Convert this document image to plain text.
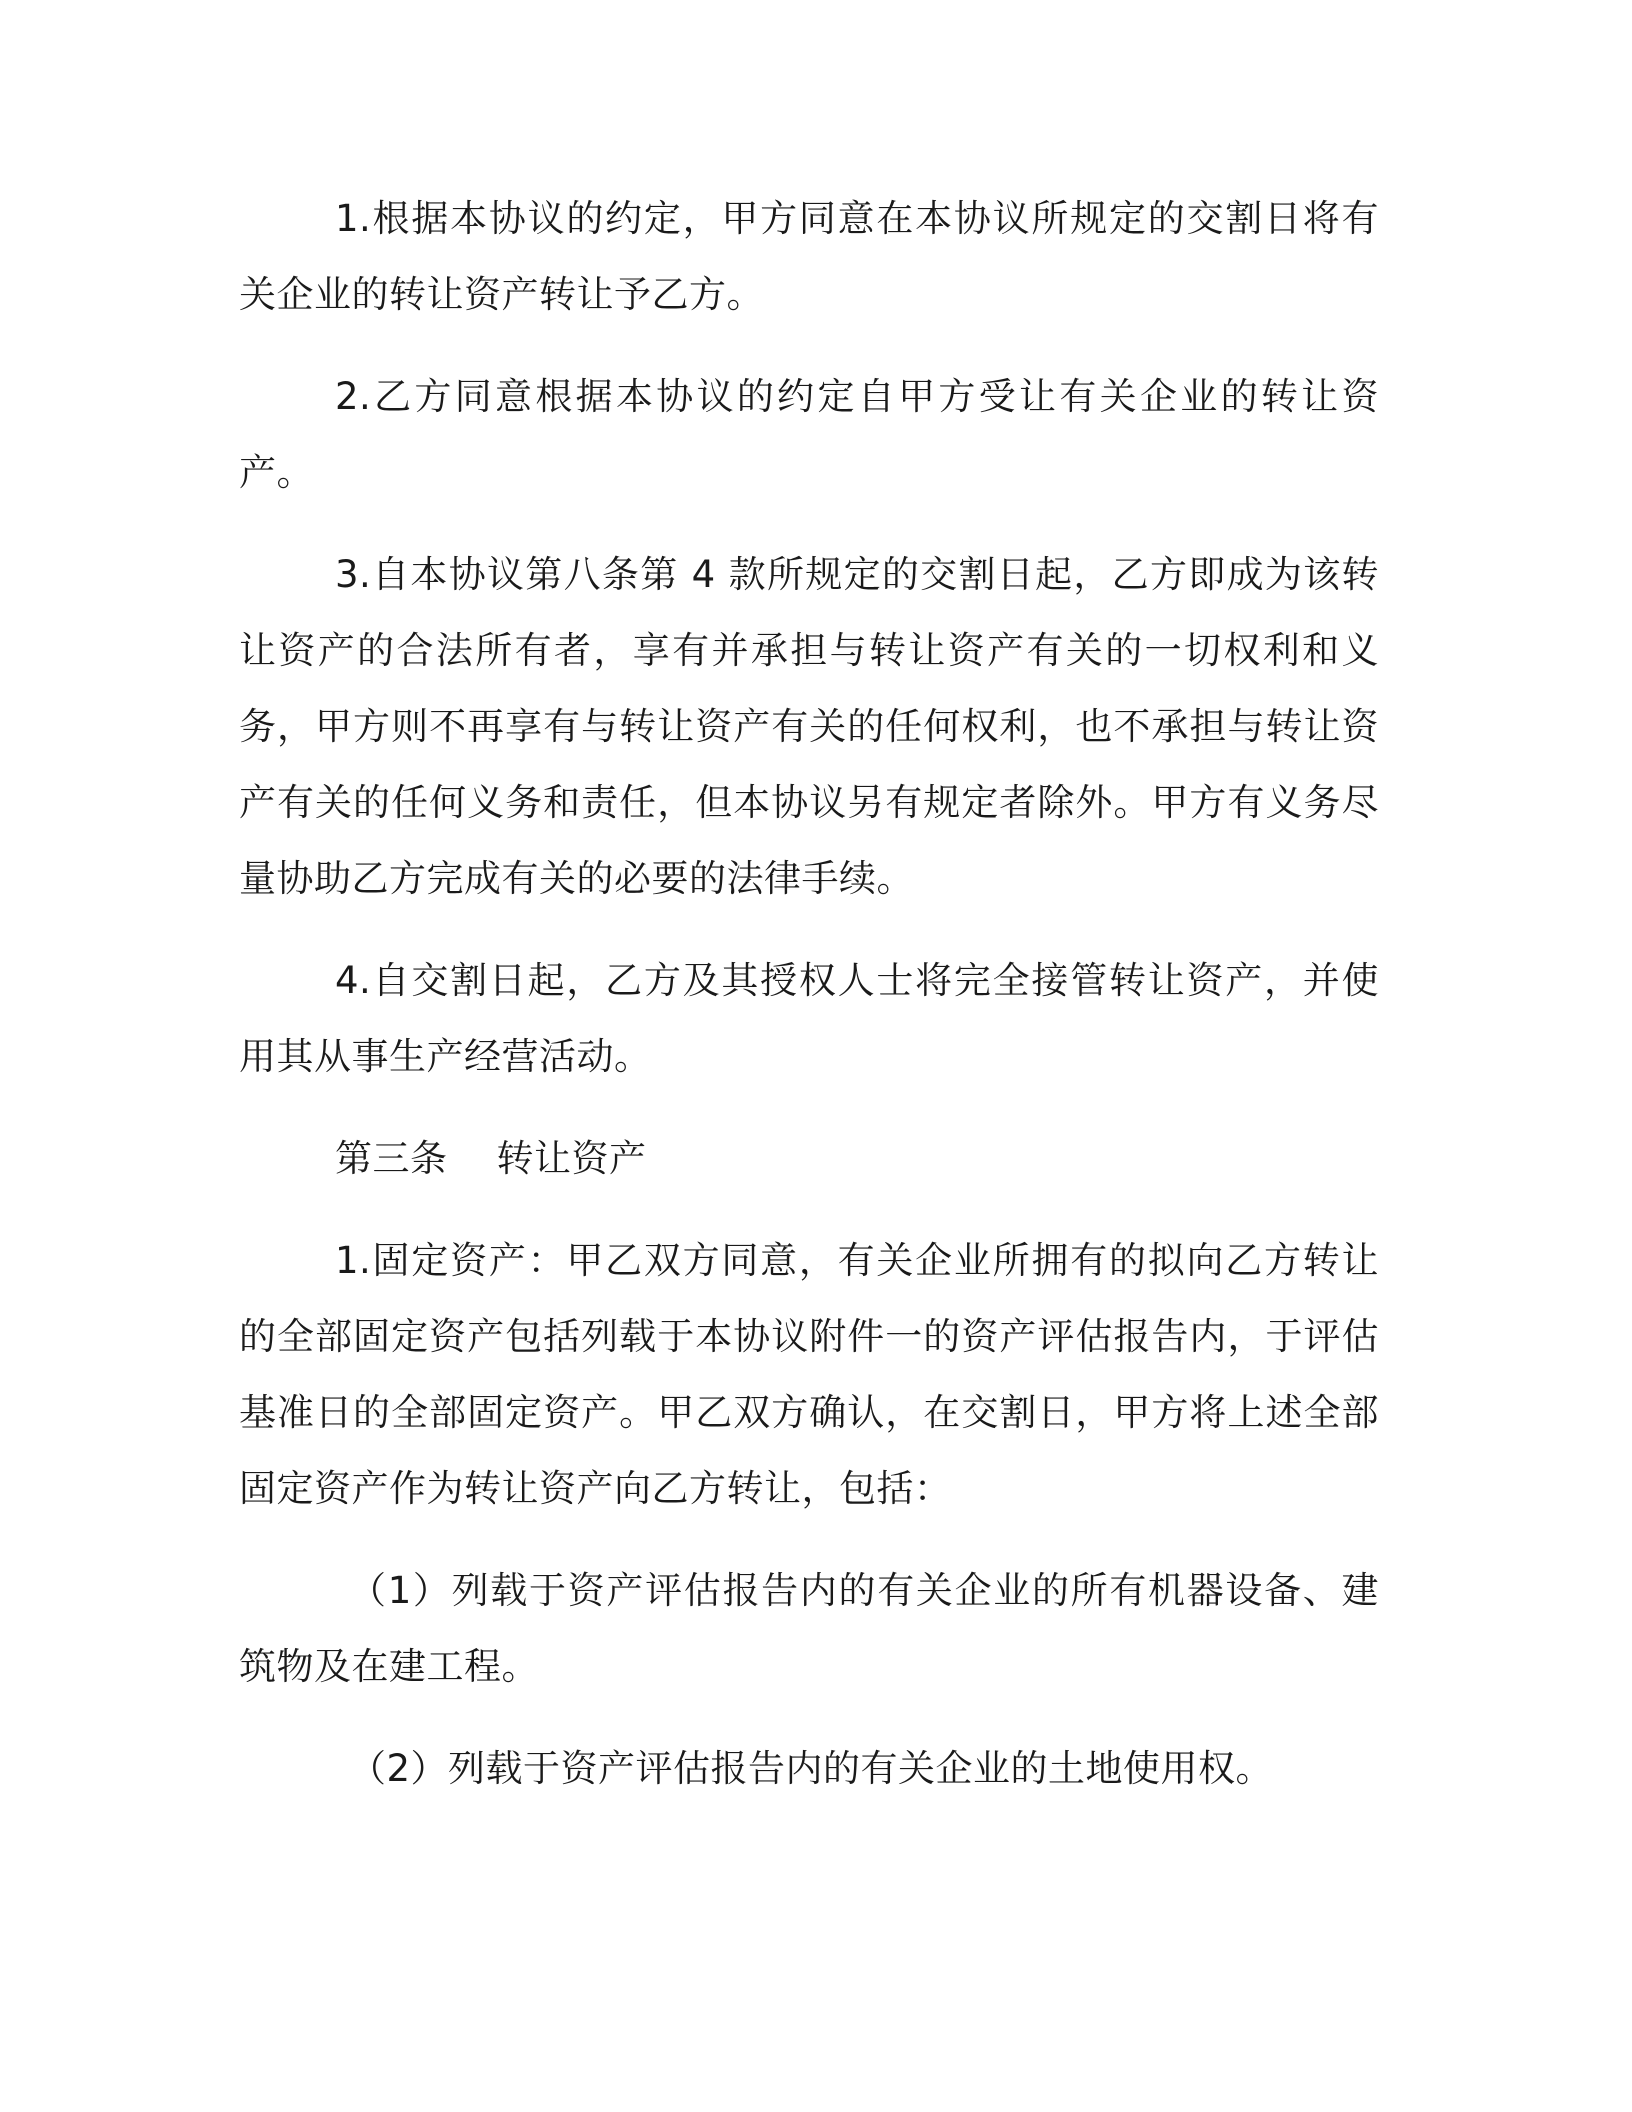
1.根据本协议的约定，甲方同意在本协议所规定的交割日将有关企业的转让资产转让予乙方。

2.乙方同意根据本协议的约定自甲方受让有关企业的转让资产。

3.自本协议第八条第 4 款所规定的交割日起，乙方即成为该转让资产的合法所有者，享有并承担与转让资产有关的一切权利和义务，甲方则不再享有与转让资产有关的任何权利，也不承担与转让资产有关的任何义务和责任，但本协议另有规定者除外。甲方有义务尽量协助乙方完成有关的必要的法律手续。

4.自交割日起，乙方及其授权人士将完全接管转让资产，并使用其从事生产经营活动。

第三条    转让资产

1.固定资产：甲乙双方同意，有关企业所拥有的拟向乙方转让的全部固定资产包括列载于本协议附件一的资产评估报告内，于评估基准日的全部固定资产。甲乙双方确认，在交割日，甲方将上述全部固定资产作为转让资产向乙方转让，包括：

（1）列载于资产评估报告内的有关企业的所有机器设备、建筑物及在建工程。

（2）列载于资产评估报告内的有关企业的土地使用权。
